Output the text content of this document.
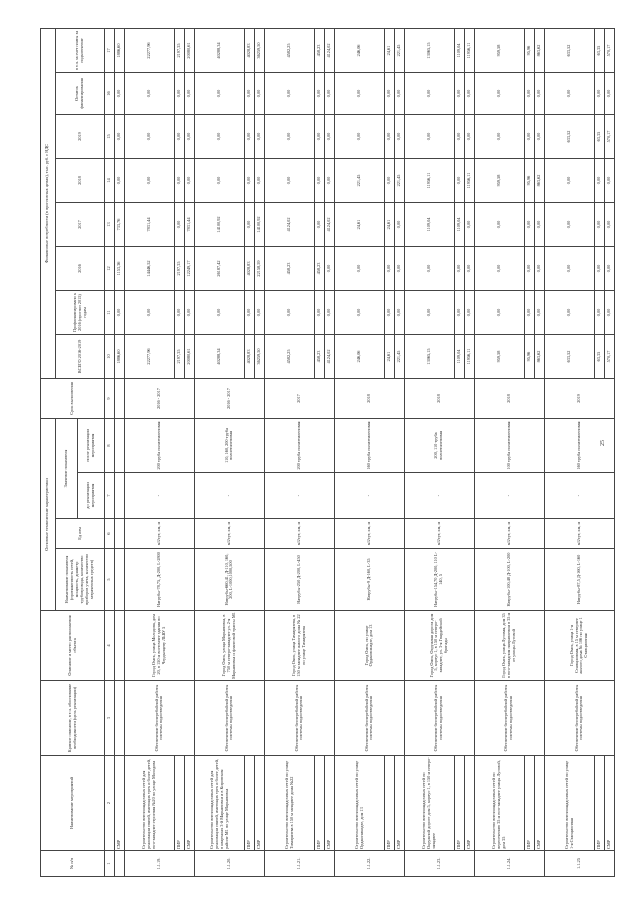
№ п/п	Наименование мероприятий	Краткое описание, в т.ч. обоснование необходимости (цель реализации)	Описание и место расположения объекта	Основные технические характеристики				Срок выполнения	Финансовые потребности (в прогнозных ценах), тыс. руб. с НДС							
				Наименование показателя (протяженность сетей, мощность, диаметр трубопровода, количество приборов учета, количество затраченных средств)	Ед изм	Значение показателя			ВСЕГО 2016-2019	Профинансировано к 2016 (прогноз 2015) годам	2016	2017	2018	2019	Остаток финансирования	в т.ч. за счет платы за подключение
						до реализации мероприятия	после реализации мероприятия									
1	2	3	4	5	6	7	8	9	10	11	12	13	14	15	16	17
	СМР								1886,60	0,00	1153,36	733,76	0,00	0,00	0,00	1886,60
1.1.19.	Строительство внеплощадочных сетей для реализации связей, имеющих трех и более детей, юго-западнее строения №20 по улице Молодова	Обеспечение бесперебойной работы системы водоотведения	Город Омск, улица Молодова, дом 20, в 150 м восточнее здания по Чердынцеву ЛЬВУ 5	Натрубы-78,75, Д-200, L-2800	м3/сут, км, м	-	200 труба полиэтиленовая	2016 - 2017	22277,96	0,00	14446,52	7831,44	0,00	0,00	0,00	22277,96
	ПИР								2197,35	0,00	2197,35	0,00	0,00	0,00	0,00	2197,35
	СМР								20080,61	0,00	12249,17	7831,44	0,00	0,00	0,00	20080,61
1.1.20.	Строительство внеплощадочных сетей для реализации связей, имеющих трех и более детей, в кварталах 3-й Марьяновки и в Кировском районе М1 по улице Марьяновка	Обеспечение бесперебойной работы системы водоотведения	Город Омск, улица Марьяновка, в 750 м северо-западнее ул. 2-я Марьяновка и фланговой трассы М1	Натрубы-660,41, Д-110, 160, 200, L-1000,1000,500	м3/сут, км, м	-	110, 160, 200 труба полиэтиленовая	2016 - 2017	40288,34	0,00	26187,42	14100,92	0,00	0,00	0,00	40288,34
	ПИР								4028,83	0,00	4028,83	0,00	0,00	0,00	0,00	4028,83
	СМР								36259,50	0,00	22158,59	14100,92	0,00	0,00	0,00	36259,50
1.1.21.	Строительство внеплощадочных сетей по улице Тимирязева в 150 м западнее дома №22	Обеспечение бесперебойной работы системы водоотведения	Город Омск, улица Тимирязева, в 150 м западнее жилого дома № 22 по улице Тимирязева	Натрубы-250 Д-200, L-450	м3/сут, км, м	-	200 труба полиэтиленовая	2017	4582,25	0,00	458,23	4124,02	0,00	0,00	0,00	4582,25
	ПИР								458,23	0,00	458,23	0,00	0,00	0,00	0,00	458,23
	СМР								4124,02	0,00	0,00	4124,02	0,00	0,00	0,00	4124,02
1.1.22.	Строительство внеплощадочных сетей по улице Орджоникидзе, дом 13	Обеспечение бесперебойной работы системы водоотведения	Город Омск, по улице Орджоникидзе, дом 13	Натрубы-9 Д-160, L-35	м3/сут, км, м	-	160 труба полиэтиленовая	2018	246,06	0,00	0,00	24,61	221,45	0,00	0,00	246,06
	ПИР								24,61	0,00	0,00	24,61	0,00	0,00	0,00	24,61
	СМР								221,45	0,00	0,00	0,00	221,45	0,00	0,00	221,45
1.1.23.	Строительство внеплощадочных сетей по Окружной дороге дом 5, корпус 1, в 150 м северо-западнее	Обеспечение бесперебойной работы системы водоотведения	Город Омск, Окружная дорога дом 5, корпус 1, в 150 м северо-западнее, ул. 3-я Гвардейской бригады	Натрубы-154,70 Д-200, 110 L-140, 5	м3/сут, км, м	-	200, 110 труба полиэтиленовая	2018	13065,15	0,00	0,00	1109,04	11956,11	0,00	0,00	13065,15
	ПИР								1109,04	0,00	0,00	1109,04	0,00	0,00	0,00	1109,04
	СМР								11956,11	0,00	0,00	0,00	11956,11	0,00	0,00	11956,11
1.1.24.	Строительство внеплощадочных сетей по пересечению 35 м юго-западнее улицы Луговой, дом 35	Обеспечение бесперебойной работы системы водоотведения	Город Омск, улица Луговая, дом 35 в юго-западном направлении в 35 м от улицы Луговой	Натрубы-100,48 Д-100, L-200	м3/сут, км, м	-	100 труба полиэтиленовая	2018	959,58	0,00	0,00	0,00	959,58	0,00	0,00	959,58
	ПИР								95,96	0,00	0,00	0,00	95,96	0,00	0,00	95,96
	СМР								863,62	0,00	0,00	0,00	863,62	0,00	0,00	863,62
1.1.25	Строительство внеплощадочных сетей по улице 1-я Станционная	Обеспечение бесперебойной работы системы водоотведения	Город Омск, улица 1-я Станционная, в 15 м севернее жилого дома № 106 по улице 1 Станционная	Натрубы-87,5 Д-160, L-160	м3/сут, км, м	-	160 труба полиэтиленовая	2019	633,52	0,00	0,00	0,00	0,00	633,52	0,00	633,52
	ПИР								63,35	0,00	0,00	0,00	0,00	63,35	0,00	63,35
	СМР								570,17	0,00	0,00	0,00	0,00	570,17	0,00	570,17
25
